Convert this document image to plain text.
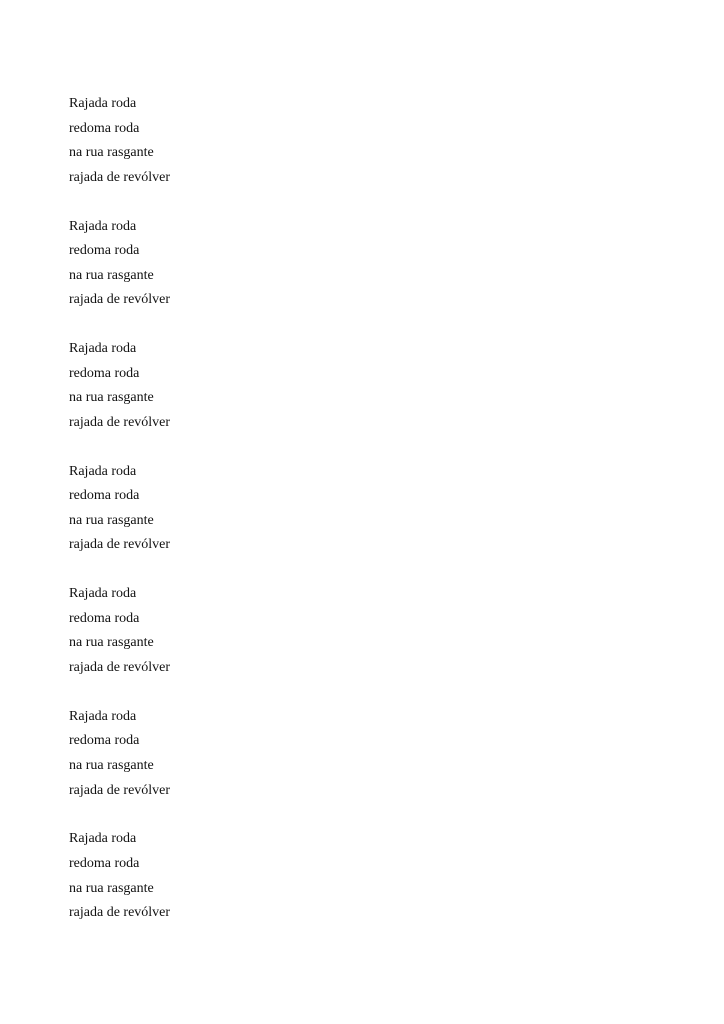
Rajada roda
redoma roda
na rua rasgante
rajada de revólver
Rajada roda
redoma roda
na rua rasgante
rajada de revólver
Rajada roda
redoma roda
na rua rasgante
rajada de revólver
Rajada roda
redoma roda
na rua rasgante
rajada de revólver
Rajada roda
redoma roda
na rua rasgante
rajada de revólver
Rajada roda
redoma roda
na rua rasgante
rajada de revólver
Rajada roda
redoma roda
na rua rasgante
rajada de revólver
